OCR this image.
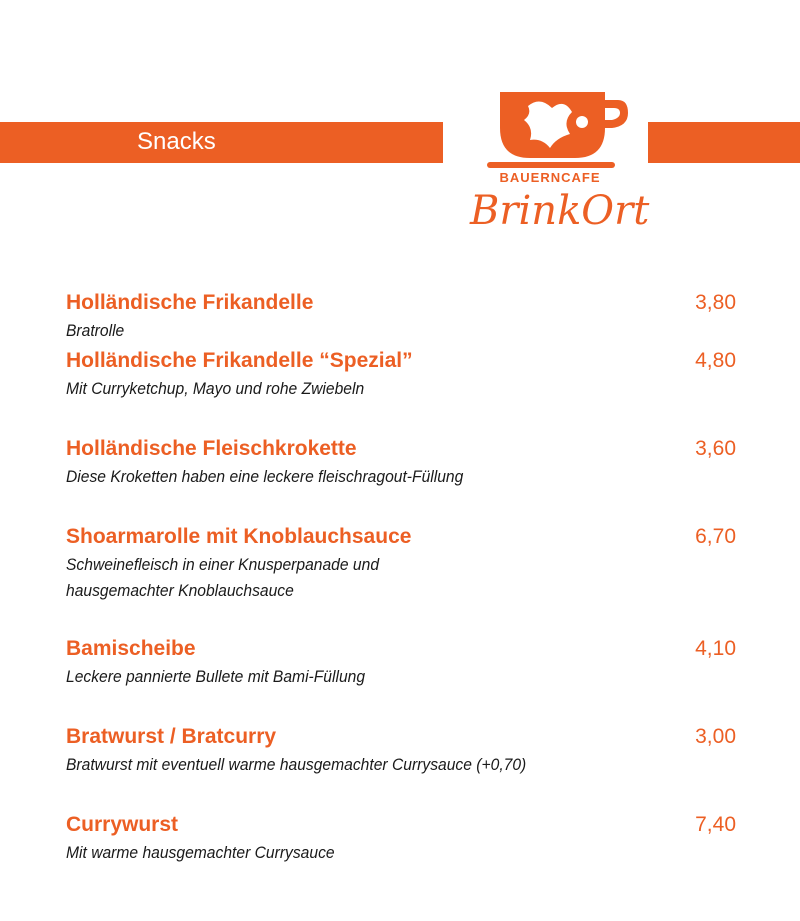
Snacks
BAUERNCAFE
BrinkOrt
Holländische Frikandelle	3,80
Bratrolle
Holländische Frikandelle “Spezial”	4,80
Mit Curryketchup, Mayo und rohe Zwiebeln
Holländische Fleischkrokette	3,60
Diese Kroketten haben eine leckere fleischragout-Füllung
Shoarmarolle mit Knoblauchsauce	6,70
Schweinefleisch in einer Knusperpanade und
hausgemachter Knoblauchsauce
Bamischeibe	4,10
Leckere pannierte Bullete mit Bami-Füllung
Bratwurst / Bratcurry	3,00
Bratwurst mit eventuell warme hausgemachter Currysauce (+0,70)
Currywurst	7,40
Mit warme hausgemachter Currysauce
